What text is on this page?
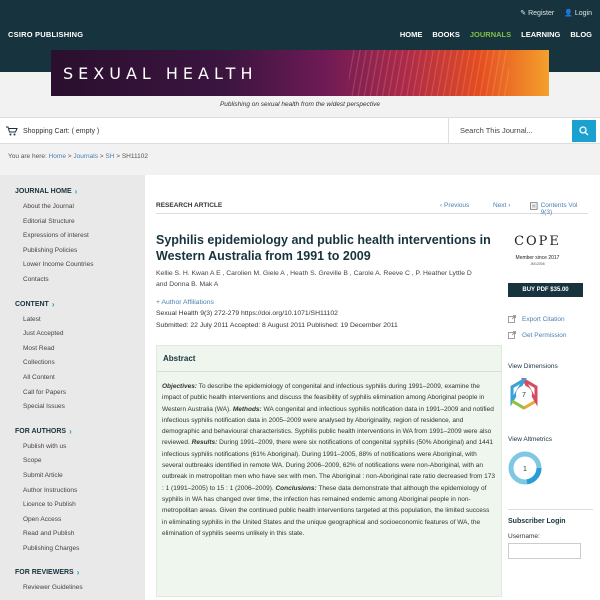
✎ Register 👤 Login
CSIRO PUBLISHING	HOME BOOKS JOURNALS LEARNING BLOG
SEXUAL HEALTH
Publishing on sexual health from the widest perspective
Shopping Cart: ( empty )	Search This Journal...
You are here: Home > Journals > SH > SH11102
JOURNAL HOME ›
About the Journal
Editorial Structure
Expressions of interest
Publishing Policies
Lower Income Countries
Contacts
CONTENT ›
Latest
Just Accepted
Most Read
Collections
All Content
Call for Papers
Special Issues
FOR AUTHORS ›
Publish with us
Scope
Submit Article
Author Instructions
Licence to Publish
Open Access
Read and Publish
Publishing Charges
FOR REVIEWERS ›
Reviewer Guidelines
RESEARCH ARTICLE	‹ Previous	Next ›	Contents Vol 9(3)
Syphilis epidemiology and public health interventions in Western Australia from 1991 to 2009
Kellie S. H. Kwan A E , Carolien M. Giele A , Heath S. Greville B , Carole A. Reeve C , P. Heather Lyttle D
and Donna B. Mak A
+ Author Affiliations
Sexual Health 9(3) 272-279 https://doi.org/10.1071/SH11102
Submitted: 22 July 2011 Accepted: 8 August 2011 Published: 19 December 2011
Abstract
Objectives: To describe the epidemiology of congenital and infectious syphilis during 1991–2009, examine the impact of public health interventions and discuss the feasibility of syphilis elimination among Aboriginal people in Western Australia (WA). Methods: WA congenital and infectious syphilis notification data in 1991–2009 and notified infectious syphilis notification data in 2005–2009 were analysed by Aboriginality, region of residence, and demographic and behavioural characteristics. Syphilis public health interventions in WA from 1991–2009 were also reviewed. Results: During 1991–2009, there were six notifications of congenital syphilis (50% Aboriginal) and 1441 infectious syphilis notifications (61% Aboriginal). During 1991–2005, 88% of notifications were Aboriginal, with several outbreaks identified in remote WA. During 2006–2009, 62% of notifications were non-Aboriginal, with an outbreak in metropolitan men who have sex with men. The Aboriginal : non-Aboriginal rate ratio decreased from 173 : 1 (1991–2005) to 15 : 1 (2006–2009). Conclusions: These data demonstrate that although the epidemiology of syphilis in WA has changed over time, the infection has remained endemic among Aboriginal people in non-metropolitan areas. Given the continued public health interventions targeted at this population, the limited success in eliminating syphilis in the United States and the unique geographical and socioeconomic features of WA, the elimination of syphilis seems unlikely in this state.
COPE
Member since 2017
JM12006
BUY PDF $35.00
Export Citation
Get Permission
View Dimensions
7
View Altmetrics
1
Subscriber Login
Username:
